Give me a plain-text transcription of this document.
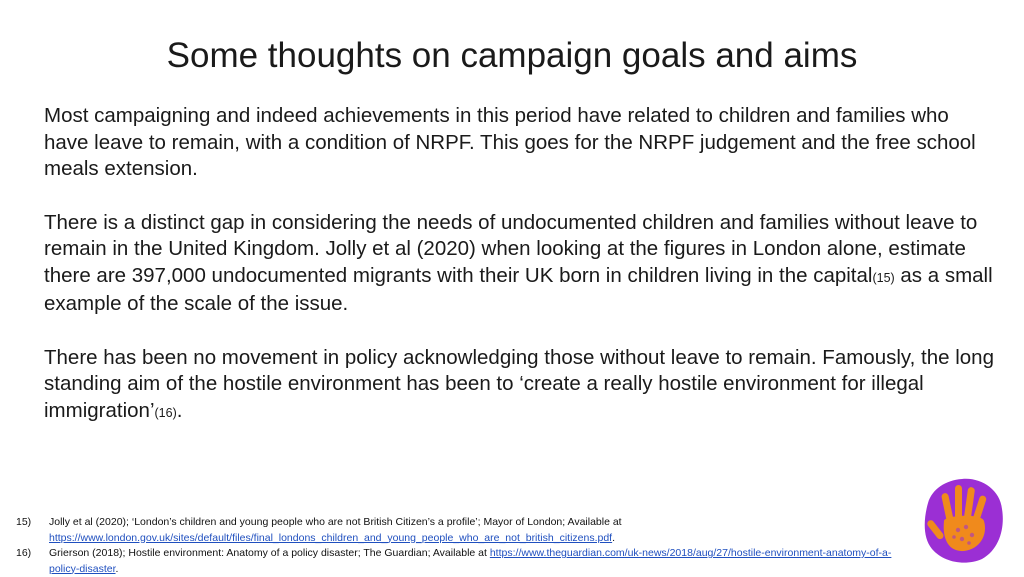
Some thoughts on campaign goals and aims

Most campaigning and indeed achievements in this period have related to children and families who have leave to remain, with a condition of NRPF. This goes for the NRPF judgement and the free school meals extension.

There is a distinct gap in considering the needs of undocumented children and families without leave to remain in the United Kingdom. Jolly et al (2020) when looking at the figures in London alone, estimate there are 397,000 undocumented migrants with their UK born in children living in the capital(15) as a small example of the scale of the issue.

There has been no movement in policy acknowledging those without leave to remain. Famously, the long standing aim of the hostile environment has been to ‘create a really hostile environment for illegal immigration’(16).

15)	Jolly et al (2020); ‘London’s children and young people who are not British Citizen’s a profile’; Mayor of London; Available at https://www.london.gov.uk/sites/default/files/final_londons_children_and_young_people_who_are_not_british_citizens.pdf.
16)	Grierson (2018); Hostile environment: Anatomy of a policy disaster; The Guardian; Available at https://www.theguardian.com/uk-news/2018/aug/27/hostile-environment-anatomy-of-a-policy-disaster.
